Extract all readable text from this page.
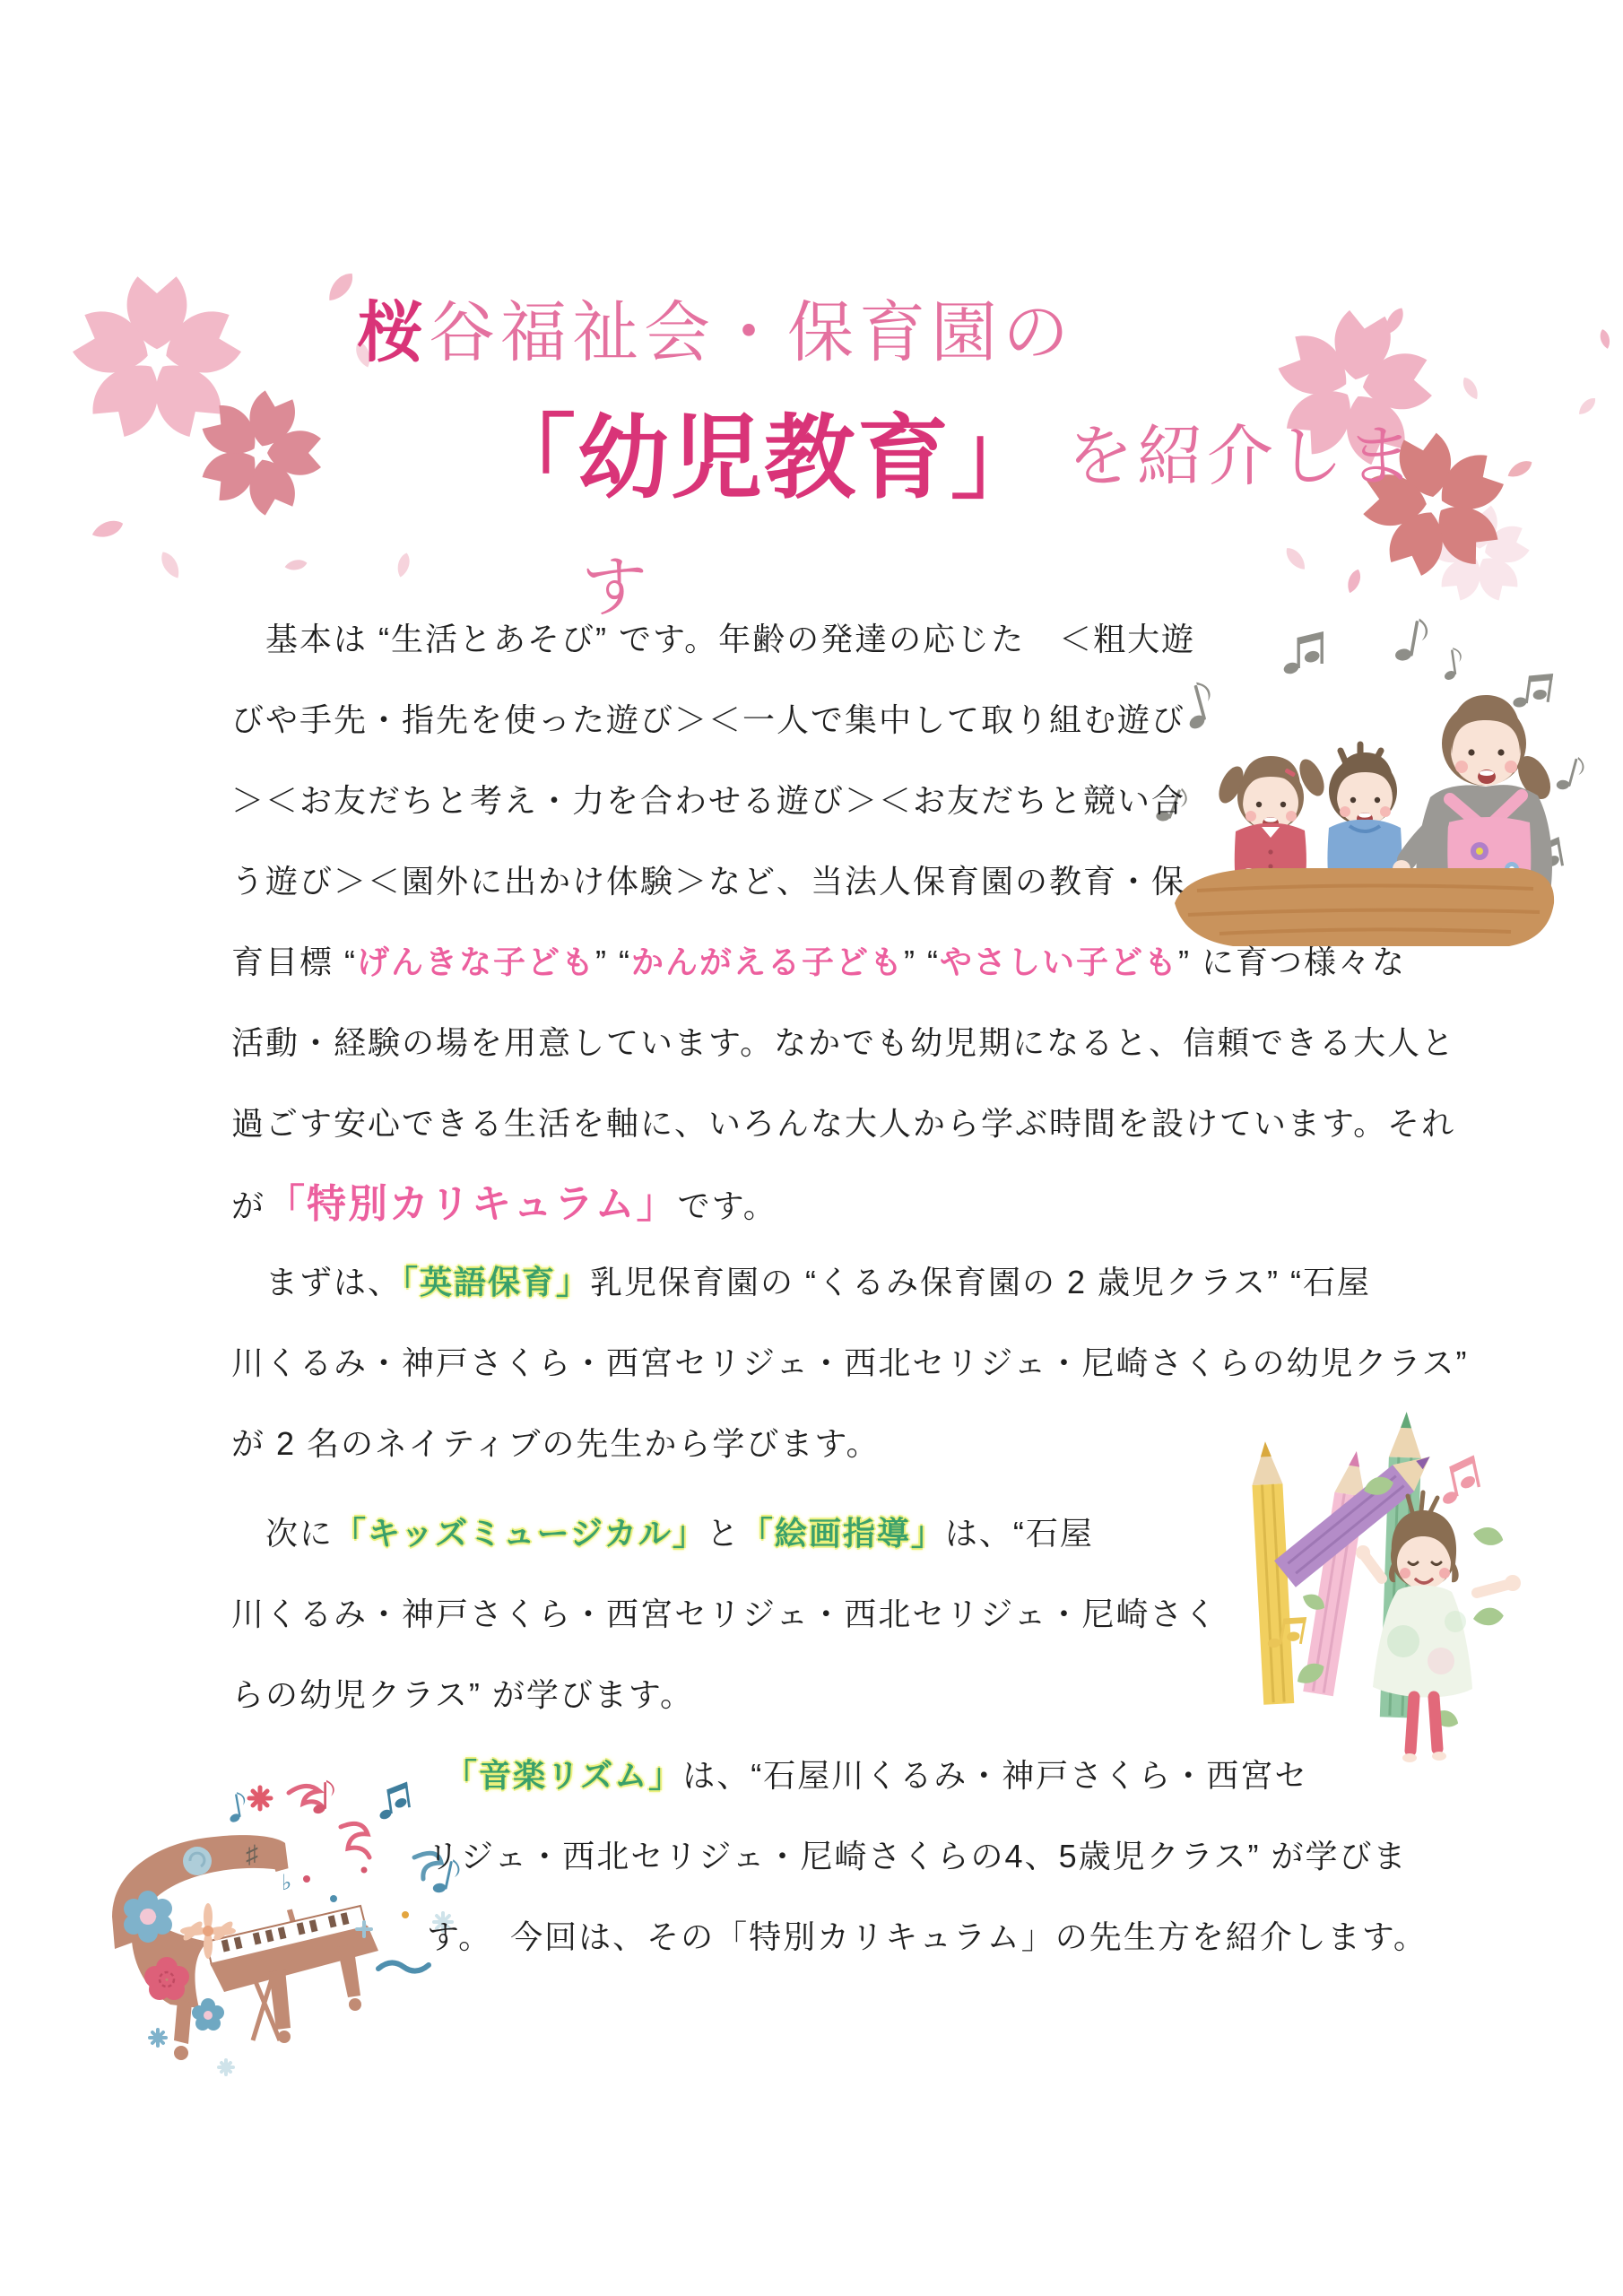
♯
♭
桜谷福祉会・保育園の
「幼児教育」 を紹介しま
す
　基本は “生活とあそび” です。年齢の発達の応じた　＜粗大遊
びや手先・指先を使った遊び＞＜一人で集中して取り組む遊び
＞＜お友だちと考え・力を合わせる遊び＞＜お友だちと競い合
う遊び＞＜園外に出かけ体験＞など、当法人保育園の教育・保
育目標 “げんきな子ども” “かんがえる子ども” “やさしい子ども” に育つ様々な
活動・経験の場を用意しています。なかでも幼児期になると、信頼できる大人と
過ごす安心できる生活を軸に、いろんな大人から学ぶ時間を設けています。それ
が「特別カリキュラム」です。
　まずは、「英語保育」乳児保育園の “くるみ保育園の 2 歳児クラス” “石屋
川くるみ・神戸さくら・西宮セリジェ・西北セリジェ・尼崎さくらの幼児クラス”
が 2 名のネイティブの先生から学びます。
　次に「キッズミュージカル」と「絵画指導」は、“石屋
川くるみ・神戸さくら・西宮セリジェ・西北セリジェ・尼崎さく
らの幼児クラス” が学びます。
　「音楽リズム」は、“石屋川くるみ・神戸さくら・西宮セ
リジェ・西北セリジェ・尼崎さくらの4、5歳児クラス” が学びま
す。　今回は、その「特別カリキュラム」の先生方を紹介します。
